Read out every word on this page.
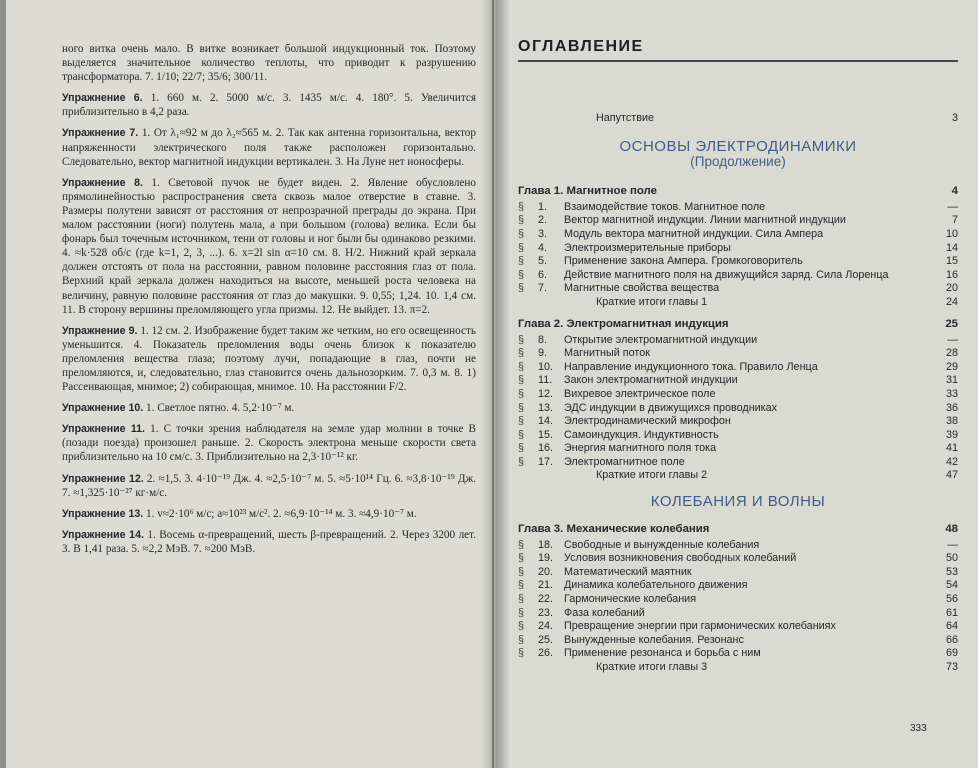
ного витка очень мало. В витке возникает большой индукционный ток. Поэтому выделяется значительное количество теплоты, что приводит к разрушению трансформатора. 7. 1/10; 22/7; 35/6; 300/11.

Упражнение 6. 1. 660 м. 2. 5000 м/с. 3. 1435 м/с. 4. 180°. 5. Увеличится приблизительно в 4,2 раза.

Упражнение 7. 1. От λ₁≈92 м до λ₂≈565 м. 2. Так как антенна горизонтальна, вектор напряженности электрического поля также расположен горизонтально. Следовательно, вектор магнитной индукции вертикален. 3. На Луне нет ионосферы.

Упражнение 8. 1. Световой пучок не будет виден. 2. Явление обусловлено прямолинейностью распространения света сквозь малое отверстие в ставне. 3. Размеры полутени зависят от расстояния от непрозрачной преграды до экрана. При малом расстоянии (ноги) полутень мала, а при большом (голова) велика. Если бы фонарь был точечным источником, тени от головы и ног были бы одинаково резкими. 4. ≈k·528 об/с (где k=1, 2, 3, ...). 6. x=2l sin α=10 см. 8. H/2. Нижний край зеркала должен отстоять от пола на расстоянии, равном половине расстояния глаз от пола. Верхний край зеркала должен находиться на высоте, меньшей роста человека на величину, равную половине расстояния от глаз до макушки. 9. 0,55; 1,24. 10. 1,4 см. 11. В сторону вершины преломляющего угла призмы. 12. Не выйдет. 13. π=2.

Упражнение 9. 1. 12 см. 2. Изображение будет таким же четким, но его освещенность уменьшится. 4. Показатель преломления воды очень близок к показателю преломления вещества глаза; поэтому лучи, попадающие в глаз, почти не преломляются, и, следовательно, глаз становится очень дальнозорким. 7. 0,3 м. 8. 1) Рассеивающая, мнимое; 2) собирающая, мнимое. 10. На расстоянии F/2.

Упражнение 10. 1. Светлое пятно. 4. 5,2·10⁻⁷ м.

Упражнение 11. 1. С точки зрения наблюдателя на земле удар молнии в точке B (позади поезда) произошел раньше. 2. Скорость электрона меньше скорости света приблизительно на 10 см/с. 3. Приблизительно на 2,3·10⁻¹² кг.

Упражнение 12. 2. ≈1,5. 3. 4·10⁻¹⁹ Дж. 4. ≈2,5·10⁻⁷ м. 5. ≈5·10¹⁴ Гц. 6. ≈3,8·10⁻¹⁹ Дж. 7. ≈1,325·10⁻²⁷ кг·м/с.

Упражнение 13. 1. v≈2·10⁶ м/с; a≈10²³ м/с². 2. ≈6,9·10⁻¹⁴ м. 3. ≈4,9·10⁻⁷ м.

Упражнение 14. 1. Восемь α-превращений, шесть β-превращений. 2. Через 3200 лет. 3. В 1,41 раза. 5. ≈2,2 МэВ. 7. ≈200 МэВ.

ОГЛАВЛЕНИЕ
Напутствие	3
ОСНОВЫ ЭЛЕКТРОДИНАМИКИ
(Продолжение)
Глава 1. Магнитное поле	4
§	1.	Взаимодействие токов. Магнитное поле	—
§	2.	Вектор магнитной индукции. Линии магнитной индукции	7
§	3.	Модуль вектора магнитной индукции. Сила Ампера	10
§	4.	Электроизмерительные приборы	14
§	5.	Применение закона Ампера. Громкоговоритель	15
§	6.	Действие магнитного поля на движущийся заряд. Сила Лоренца	16
§	7.	Магнитные свойства вещества	20
Краткие итоги главы 1	24
Глава 2. Электромагнитная индукция	25
§	8.	Открытие электромагнитной индукции	—
§	9.	Магнитный поток	28
§	10.	Направление индукционного тока. Правило Ленца	29
§	11.	Закон электромагнитной индукции	31
§	12.	Вихревое электрическое поле	33
§	13.	ЭДС индукции в движущихся проводниках	36
§	14.	Электродинамический микрофон	38
§	15.	Самоиндукция. Индуктивность	39
§	16.	Энергия магнитного поля тока	41
§	17.	Электромагнитное поле	42
Краткие итоги главы 2	47
КОЛЕБАНИЯ И ВОЛНЫ
Глава 3. Механические колебания	48
§	18.	Свободные и вынужденные колебания	—
§	19.	Условия возникновения свободных колебаний	50
§	20.	Математический маятник	53
§	21.	Динамика колебательного движения	54
§	22.	Гармонические колебания	56
§	23.	Фаза колебаний	61
§	24.	Превращение энергии при гармонических колебаниях	64
§	25.	Вынужденные колебания. Резонанс	66
§	26.	Применение резонанса и борьба с ним	69
Краткие итоги главы 3	73
333
